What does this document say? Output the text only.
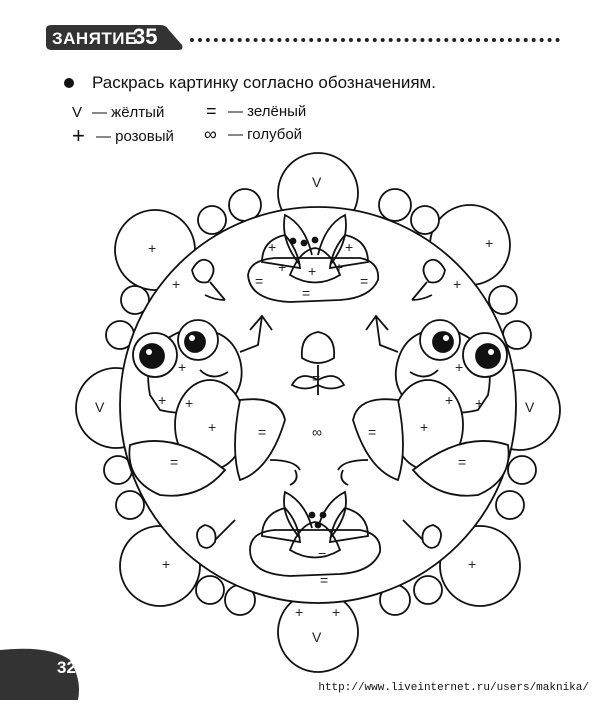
ЗАНЯТИЕ
35
Раскрась картинку согласно обозначениям.
V — жёлтый
+ — розовый
= — зелёный
∞ — голубой
V
+ +
V
+	+
+	+
V	V
+	+
+	+
+	+
+
=
=	=
=
=
∞
+
+ +
+
+
+ +
+
=	=
=	=
=
32
http://www.liveinternet.ru/users/maknika/
